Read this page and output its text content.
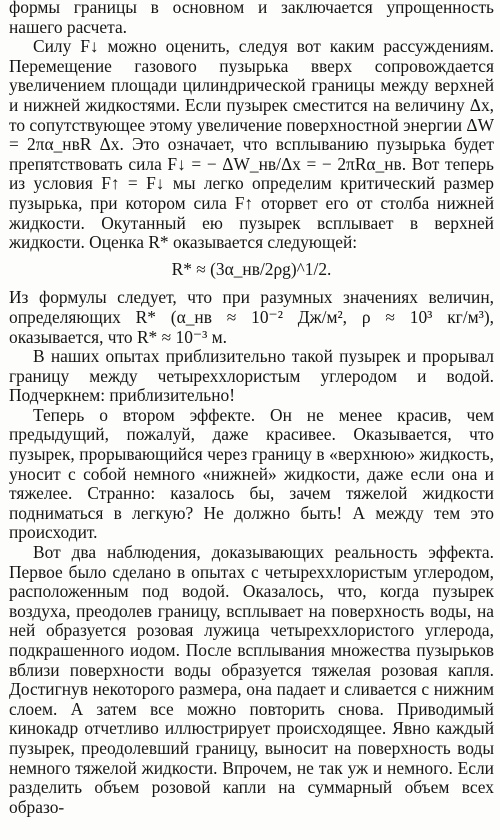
формы границы в основном и заключается упрощенность нашего расчета.

Силу F↓ можно оценить, следуя вот каким рассуждениям. Перемещение газового пузырька вверх сопровождается увеличением площади цилиндрической границы между верхней и нижней жидкостями. Если пузырек сместится на величину Δx, то сопутствующее этому увеличение поверхностной энергии ΔW = 2πα_нвR Δx. Это означает, что всплыванию пузырька будет препятствовать сила F↓ = − ΔW_нв/Δx = − 2πRα_нв. Вот теперь из условия F↑ = F↓ мы легко определим критический размер пузырька, при котором сила F↑ оторвет его от столба нижней жидкости. Окутанный ею пузырек всплывает в верхней жидкости. Оценка R* оказывается следующей:

R* ≈ (3α_нв/2ρg)^1/2.

Из формулы следует, что при разумных значениях величин, определяющих R* (α_нв ≈ 10⁻² Дж/м², ρ ≈ 10³ кг/м³), оказывается, что R* ≈ 10⁻³ м.

В наших опытах приблизительно такой пузырек и прорывал границу между четыреххлористым углеродом и водой. Подчеркнем: приблизительно!

Теперь о втором эффекте. Он не менее красив, чем предыдущий, пожалуй, даже красивее. Оказывается, что пузырек, прорывающийся через границу в «верхнюю» жидкость, уносит с собой немного «нижней» жидкости, даже если она и тяжелее. Странно: казалось бы, зачем тяжелой жидкости подниматься в легкую? Не должно быть! А между тем это происходит.

Вот два наблюдения, доказывающих реальность эффекта. Первое было сделано в опытах с четыреххлористым углеродом, расположенным под водой. Оказалось, что, когда пузырек воздуха, преодолев границу, всплывает на поверхность воды, на ней образуется розовая лужица четыреххлористого углерода, подкрашенного иодом. После всплывания множества пузырьков вблизи поверхности воды образуется тяжелая розовая капля. Достигнув некоторого размера, она падает и сливается с нижним слоем. А затем все можно повторить снова. Приводимый кинокадр отчетливо иллюстрирует происходящее. Явно каждый пузырек, преодолевший границу, выносит на поверхность воды немного тяжелой жидкости. Впрочем, не так уж и немного. Если разделить объем розовой капли на суммарный объем всех образо-
